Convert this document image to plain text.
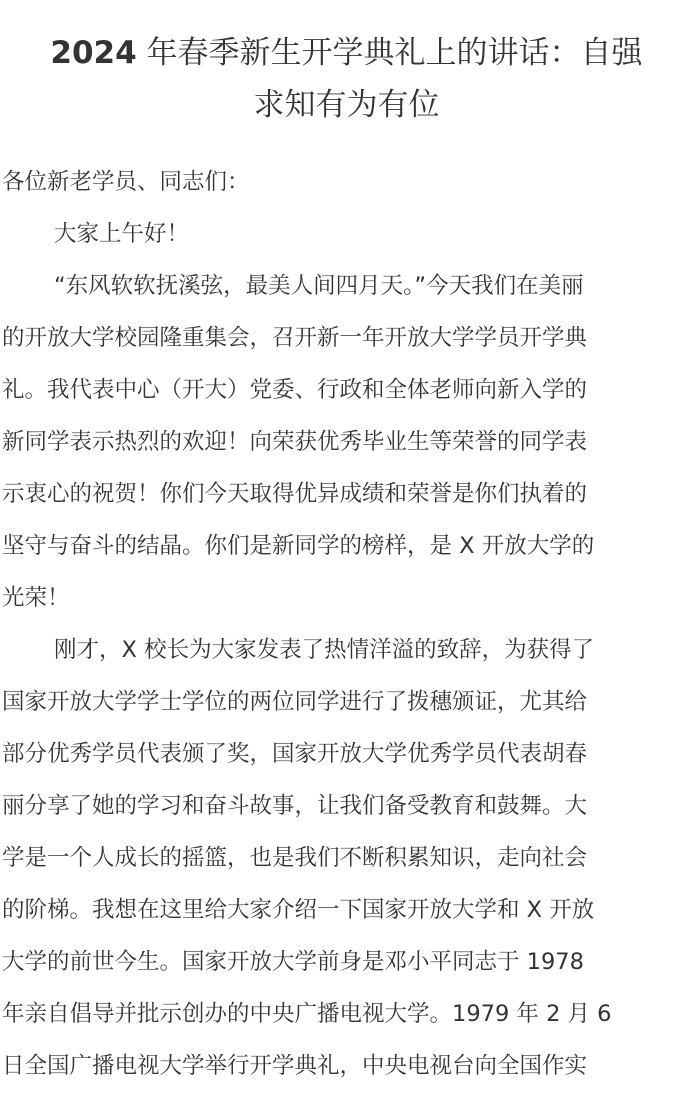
2024 年春季新生开学典礼上的讲话：自强
求知有为有位
各位新老学员、同志们：
大家上午好！
“东风软软抚溪弦，最美人间四月天。”今天我们在美丽
的开放大学校园隆重集会，召开新一年开放大学学员开学典
礼。我代表中心（开大）党委、行政和全体老师向新入学的
新同学表示热烈的欢迎！向荣获优秀毕业生等荣誉的同学表
示衷心的祝贺！你们今天取得优异成绩和荣誉是你们执着的
坚守与奋斗的结晶。你们是新同学的榜样，是 X 开放大学的
光荣！
刚才，X 校长为大家发表了热情洋溢的致辞，为获得了
国家开放大学学士学位的两位同学进行了拨穗颁证，尤其给
部分优秀学员代表颁了奖，国家开放大学优秀学员代表胡春
丽分享了她的学习和奋斗故事，让我们备受教育和鼓舞。大
学是一个人成长的摇篮，也是我们不断积累知识，走向社会
的阶梯。我想在这里给大家介绍一下国家开放大学和 X 开放
大学的前世今生。国家开放大学前身是邓小平同志于 1978
年亲自倡导并批示创办的中央广播电视大学。1979 年 2 月 6
日全国广播电视大学举行开学典礼，中央电视台向全国作实
